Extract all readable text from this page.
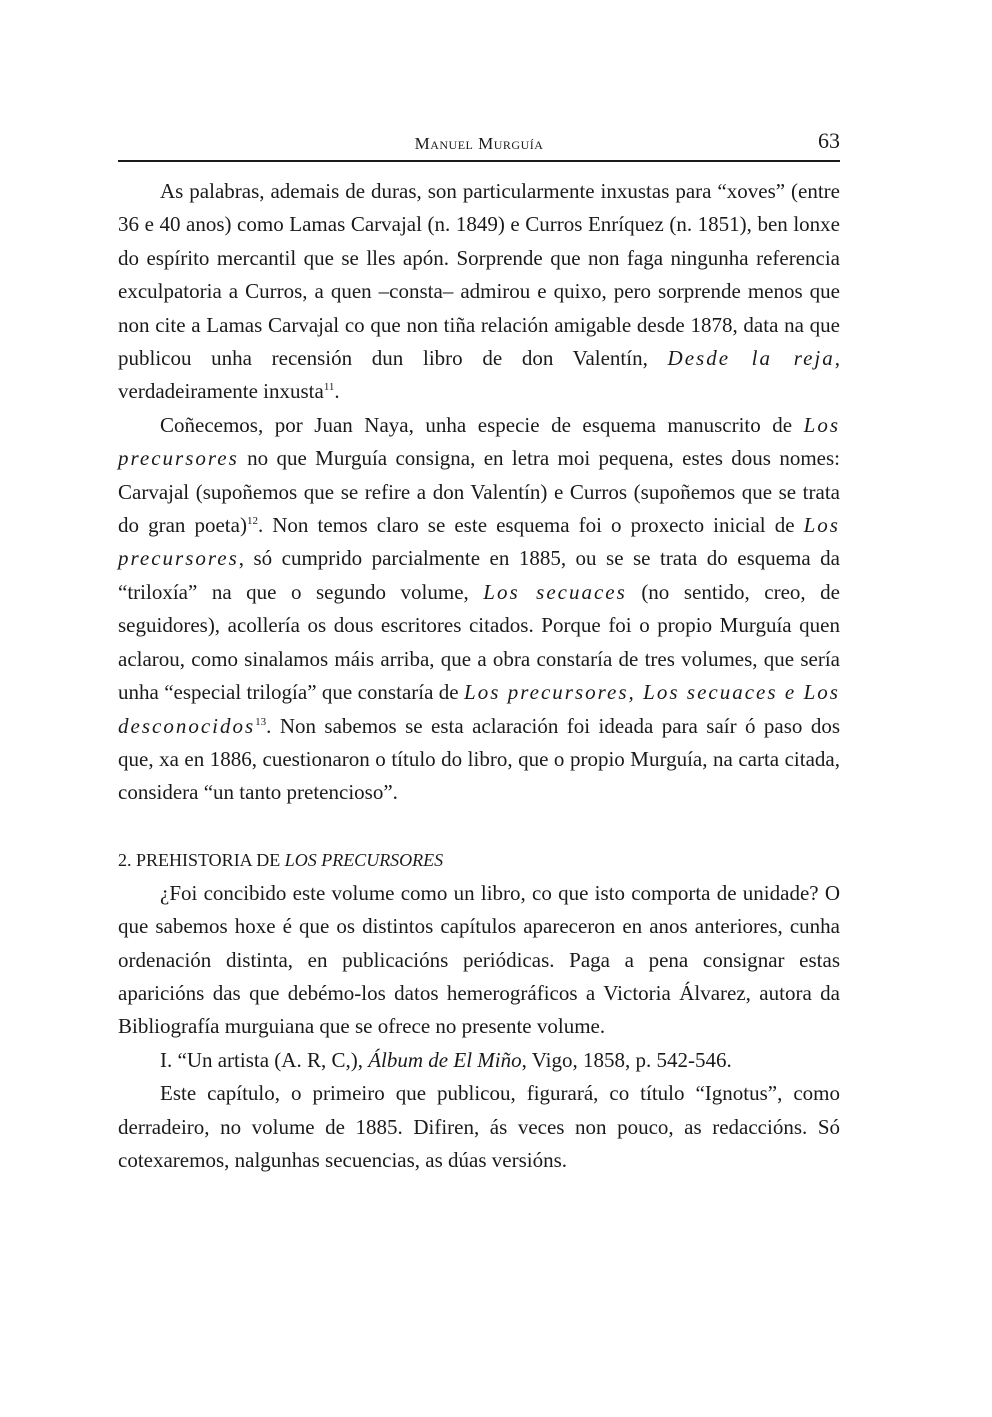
Manuel Murguía	63

As palabras, ademais de duras, son particularmente inxustas para “xoves” (entre 36 e 40 anos) como Lamas Carvajal (n. 1849) e Curros Enríquez (n. 1851), ben lonxe do espírito mercantil que se lles apón. Sorprende que non faga ningunha referencia exculpatoria a Curros, a quen –consta– admirou e quixo, pero sorprende menos que non cite a Lamas Carvajal co que non tiña relación amigable desde 1878, data na que publicou unha recensión dun libro de don Valentín, Desde la reja, verdadeiramente inxusta$^{11}$.

Coñecemos, por Juan Naya, unha especie de esquema manuscrito de Los precursores no que Murguía consigna, en letra moi pequena, estes dous nomes: Carvajal (supoñemos que se refire a don Valentín) e Curros (supoñemos que se trata do gran poeta)$^{12}$. Non temos claro se este esquema foi o proxecto inicial de Los precursores, só cumprido parcialmente en 1885, ou se se trata do esquema da “triloxía” na que o segundo volume, Los secuaces (no sentido, creo, de seguidores), acollería os dous escritores citados. Porque foi o propio Murguía quen aclarou, como sinalamos máis arriba, que a obra constaría de tres volumes, que sería unha “especial trilogía” que constaría de Los precursores, Los secuaces e Los desconocidos$^{13}$. Non sabemos se esta aclaración foi ideada para saír ó paso dos que, xa en 1886, cuestionaron o título do libro, que o propio Murguía, na carta citada, considera “un tanto pretencioso”.

2. PREHISTORIA DE LOS PRECURSORES

¿Foi concibido este volume como un libro, co que isto comporta de unidade? O que sabemos hoxe é que os distintos capítulos apareceron en anos anteriores, cunha ordenación distinta, en publicacións periódicas. Paga a pena consignar estas aparicións das que debémo-los datos hemerográficos a Victoria Álvarez, autora da Bibliografía murguiana que se ofrece no presente volume.

I. “Un artista (A. R, C,), Álbum de El Miño, Vigo, 1858, p. 542-546.

Este capítulo, o primeiro que publicou, figurará, co título “Ignotus”, como derradeiro, no volume de 1885. Difiren, ás veces non pouco, as redaccións. Só cotexaremos, nalgunhas secuencias, as dúas versións.
